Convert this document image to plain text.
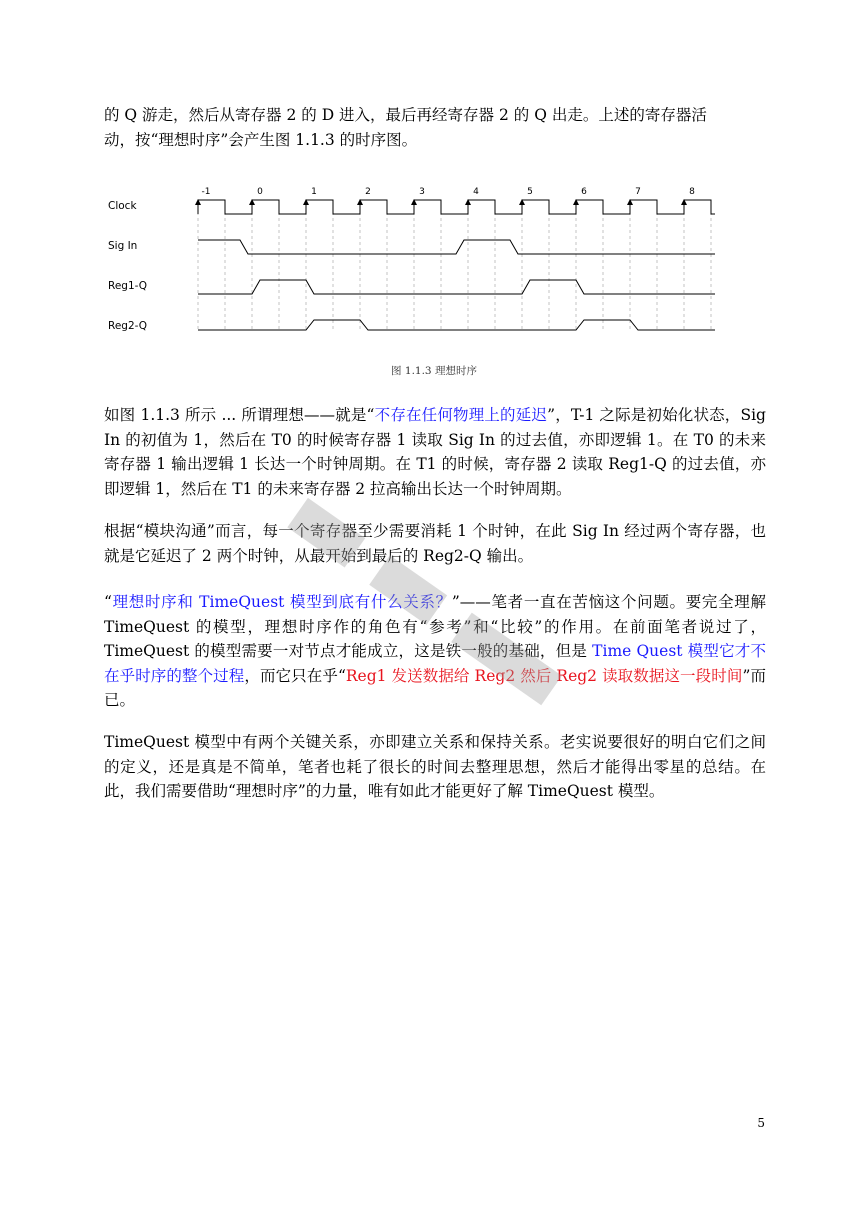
的 Q 游走，然后从寄存器 2 的 D 进入，最后再经寄存器 2 的 Q 出走。上述的寄存器活
动，按“理想时序”会产生图 1.1.3 的时序图。

-1	0	1	2	3	4	5	6	7	8
Clock
Sig In
Reg1-Q
Reg2-Q
图 1.1.3 理想时序

如图 1.1.3 所示 ... 所谓理想——就是“不存在任何物理上的延迟”，T-1 之际是初始化状态，Sig In 的初值为 1，然后在 T0 的时候寄存器 1 读取 Sig In 的过去值，亦即逻辑 1。在 T0 的未来寄存器 1 输出逻辑 1 长达一个时钟周期。在 T1 的时候，寄存器 2 读取 Reg1-Q 的过去值，亦即逻辑 1，然后在 T1 的未来寄存器 2 拉高输出长达一个时钟周期。

根据“模块沟通”而言，每一个寄存器至少需要消耗 1 个时钟，在此 Sig In 经过两个寄存器，也就是它延迟了 2 两个时钟，从最开始到最后的 Reg2-Q 输出。

“理想时序和 TimeQuest 模型到底有什么关系？”——笔者一直在苦恼这个问题。要完全理解 TimeQuest 的模型，理想时序作的角色有“参考”和“比较”的作用。在前面笔者说过了，TimeQuest 的模型需要一对节点才能成立，这是铁一般的基础，但是 Time Quest 模型它才不在乎时序的整个过程，而它只在乎“Reg1 发送数据给 Reg2 然后 Reg2 读取数据这一段时间”而已。

TimeQuest 模型中有两个关键关系，亦即建立关系和保持关系。老实说要很好的明白它们之间的定义，还是真是不简单，笔者也耗了很长的时间去整理思想，然后才能得出零星的总结。在此，我们需要借助“理想时序”的力量，唯有如此才能更好了解 TimeQuest 模型。

5
